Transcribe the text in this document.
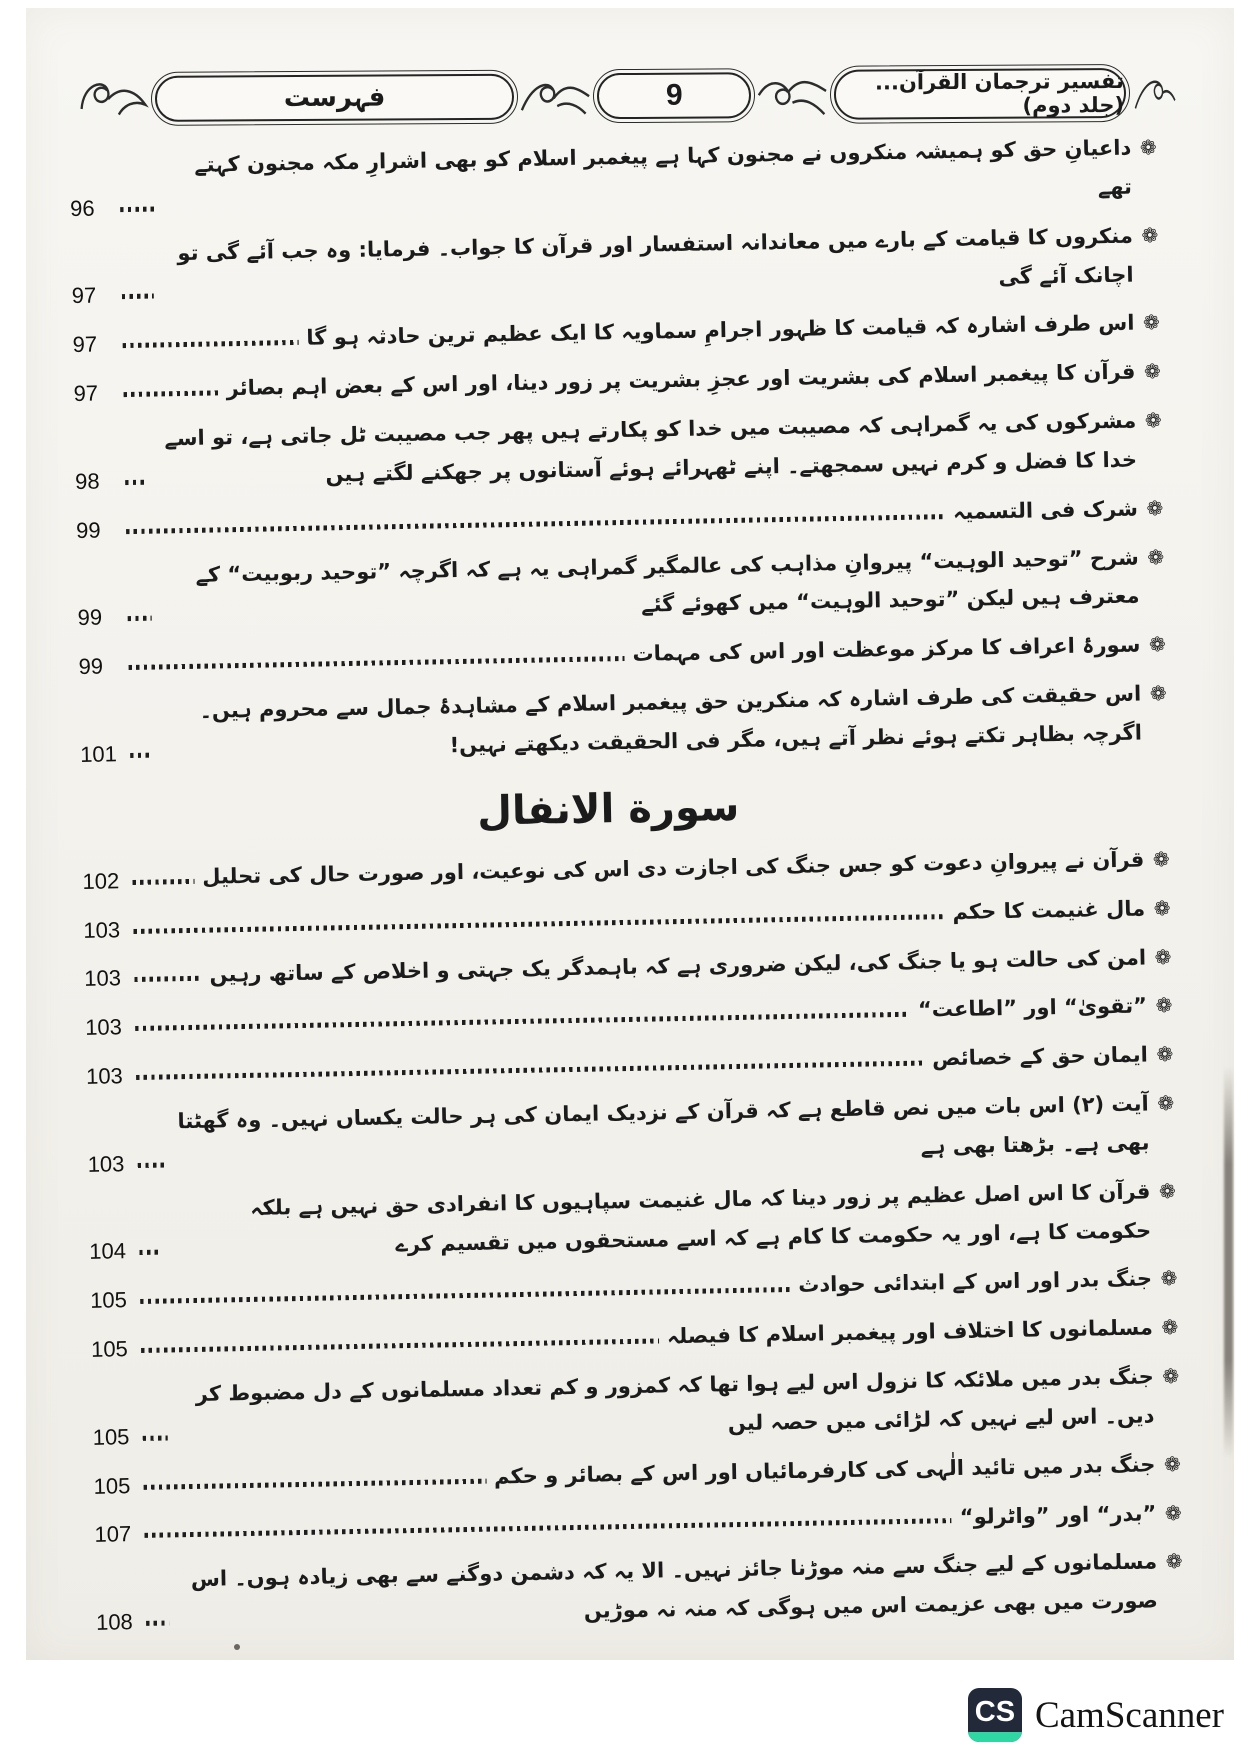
فہرست	9	تفسیر ترجمان القرآن...(جلد دوم)
❁
داعیانِ حق کو ہمیشہ منکروں نے مجنون کہا ہے پیغمبر اسلام کو بھی اشرارِ مکہ مجنون کہتے تھے
96
❁
منکروں کا قیامت کے بارے میں معاندانہ استفسار اور قرآن کا جواب۔ فرمایا: وہ جب آئے گی تو اچانک آئے گی
97
❁
اس طرف اشارہ کہ قیامت کا ظہور اجرامِ سماویہ کا ایک عظیم ترین حادثہ ہو گا
97
❁
قرآن کا پیغمبر اسلام کی بشریت اور عجزِ بشریت پر زور دینا، اور اس کے بعض اہم بصائر
97
❁
مشرکوں کی یہ گمراہی کہ مصیبت میں خدا کو پکارتے ہیں پھر جب مصیبت ٹل جاتی ہے، تو اسے خدا کا فضل و کرم نہیں سمجھتے۔ اپنے ٹھہرائے ہوئے آستانوں پر جھکنے لگتے ہیں
98
❁
شرک فی التسمیہ
99
❁
شرح ”توحید الوہیت“ پیروانِ مذاہب کی عالمگیر گمراہی یہ ہے کہ اگرچہ ”توحید ربوبیت“ کے معترف ہیں لیکن ”توحید الوہیت“ میں کھوئے گئے
99
❁
سورۂ اعراف کا مرکز موعظت اور اس کی مہمات
99
❁
اس حقیقت کی طرف اشارہ کہ منکرین حق پیغمبر اسلام کے مشاہدۂ جمال سے محروم ہیں۔ اگرچہ بظاہر تکتے ہوئے نظر آتے ہیں، مگر فی الحقیقت دیکھتے نہیں!
101
سورة الانفال
❁
قرآن نے پیروانِ دعوت کو جس جنگ کی اجازت دی اس کی نوعیت، اور صورت حال کی تحلیل
102
❁
مال غنیمت کا حکم
103
❁
امن کی حالت ہو یا جنگ کی، لیکن ضروری ہے کہ باہمدگر یک جہتی و اخلاص کے ساتھ رہیں
103
❁
”تقویٰ“ اور ”اطاعت“
103
❁
ایمان حق کے خصائص
103
❁
آیت (۲) اس بات میں نص قاطع ہے کہ قرآن کے نزدیک ایمان کی ہر حالت یکساں نہیں۔ وہ گھٹتا بھی ہے۔ بڑھتا بھی ہے
103
❁
قرآن کا اس اصل عظیم پر زور دینا کہ مال غنیمت سپاہیوں کا انفرادی حق نہیں ہے بلکہ حکومت کا ہے، اور یہ حکومت کا کام ہے کہ اسے مستحقوں میں تقسیم کرے
104
❁
جنگ بدر اور اس کے ابتدائی حوادث
105
❁
مسلمانوں کا اختلاف اور پیغمبر اسلام کا فیصلہ
105
❁
جنگ بدر میں ملائکہ کا نزول اس لیے ہوا تھا کہ کمزور و کم تعداد مسلمانوں کے دل مضبوط کر دیں۔ اس لیے نہیں کہ لڑائی میں حصہ لیں
105
❁
جنگ بدر میں تائید الٰہی کی کارفرمائیاں اور اس کے بصائر و حکم
105
❁
”بدر“ اور ”واٹرلو“
107
❁
مسلمانوں کے لیے جنگ سے منہ موڑنا جائز نہیں۔ الا یہ کہ دشمن دوگنے سے بھی زیادہ ہوں۔ اس صورت میں بھی عزیمت اس میں ہوگی کہ منہ نہ موڑیں
108
CS CamScanner
